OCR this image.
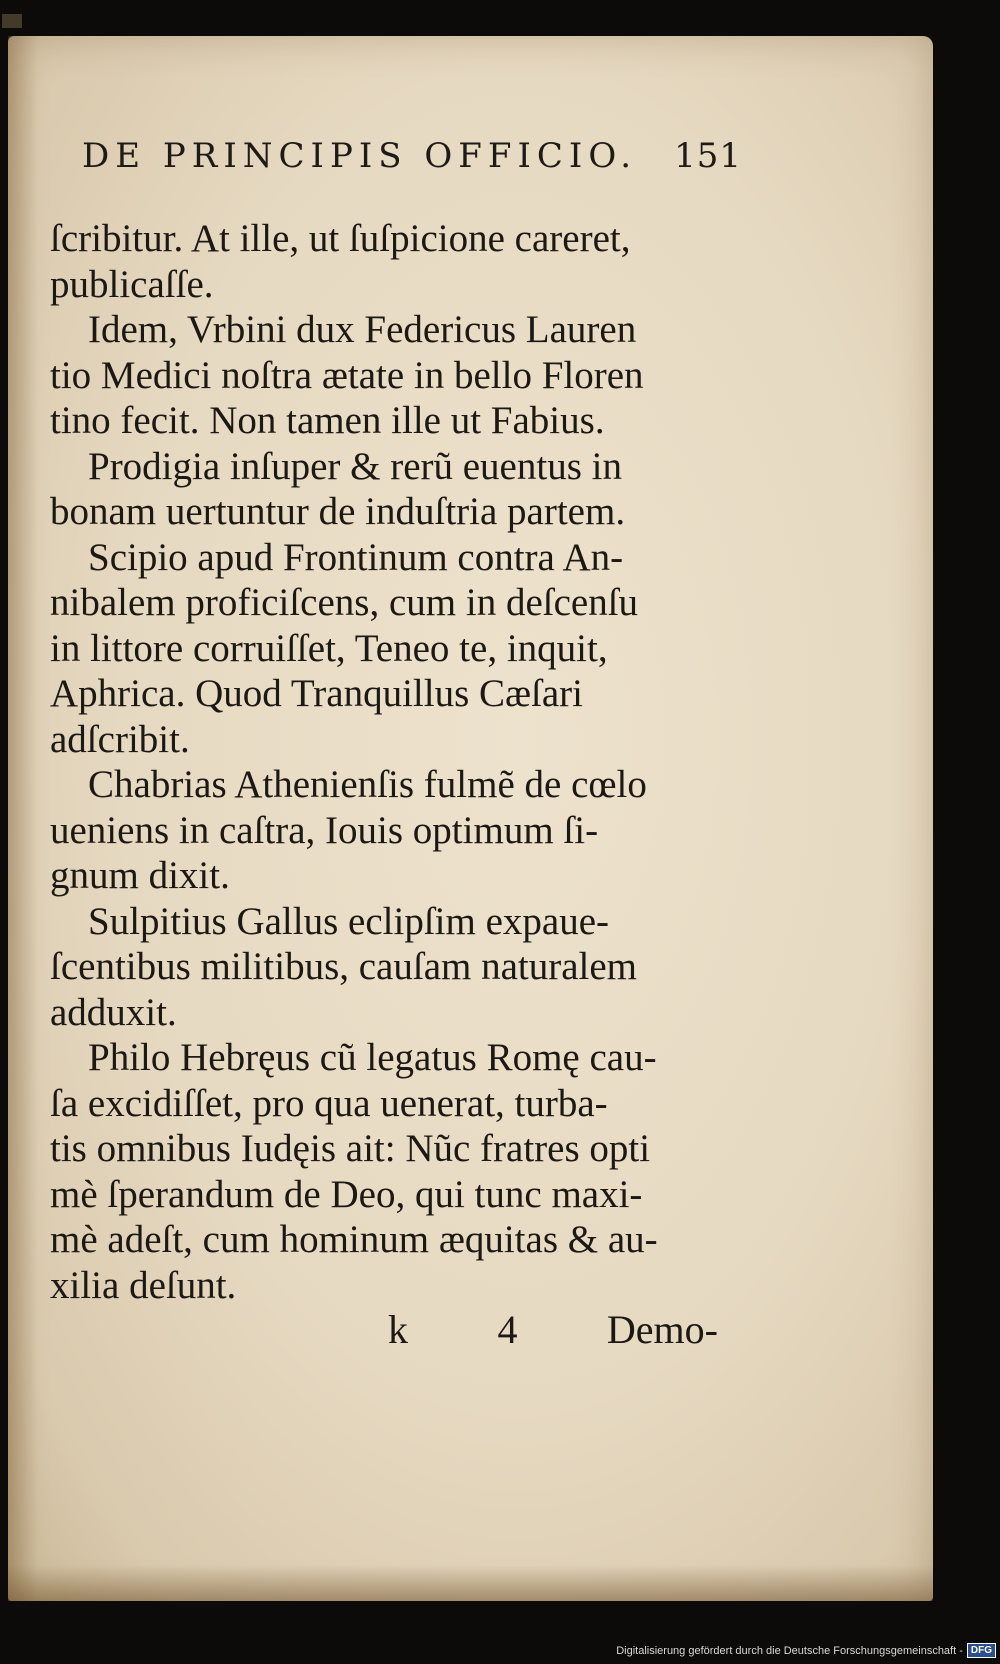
DE PRINCIPIS OFFICIO. 151
ſcribitur. At ille, ut ſuſpicione careret,
publicaſſe.
Idem, Vrbini dux Federicus Lauren
tio Medici noſtra ætate in bello Floren
tino fecit. Non tamen ille ut Fabius.
Prodigia inſuper & rerũ euentus in
bonam uertuntur de induſtria partem.
Scipio apud Frontinum contra An-
nibalem proficiſcens, cum in deſcenſu
in littore corruiſſet, Teneo te, inquit,
Aphrica. Quod Tranquillus Cæſari
adſcribit.
Chabrias Athenienſis fulmẽ de cœlo
ueniens in caſtra, Iouis optimum ſi-
gnum dixit.
Sulpitius Gallus eclipſim expaue-
ſcentibus militibus, cauſam naturalem
adduxit.
Philo Hebręus cũ legatus Romę cau-
ſa excidiſſet, pro qua uenerat, turba-
tis omnibus Iudęis ait: Nũc fratres opti
mè ſperandum de Deo, qui tunc maxi-
mè adeſt, cum hominum æquitas & au-
xilia deſunt.
k 4 Demo-
Digitalisierung gefördert durch die Deutsche Forschungsgemeinschaft - DFG
